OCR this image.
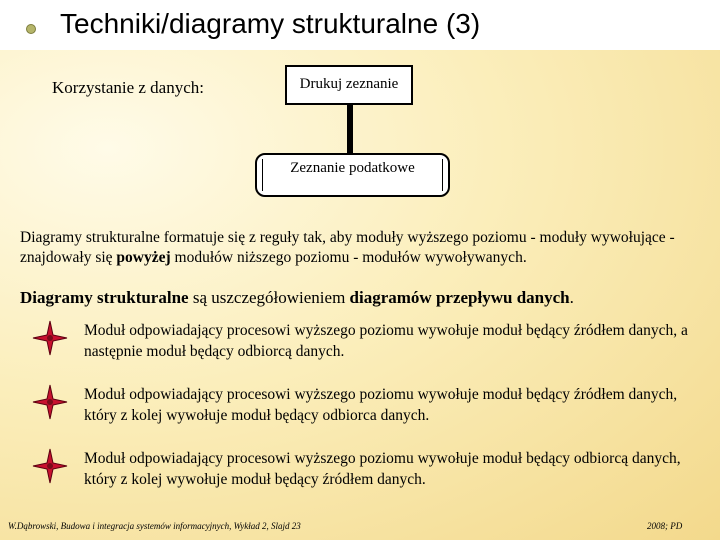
Techniki/diagramy strukturalne (3)
Korzystanie z danych:	Drukuj zeznanie
Zeznanie podatkowe
Diagramy strukturalne formatuje się z reguły tak, aby moduły wyższego poziomu - moduły wywołujące - znajdowały się powyżej modułów niższego poziomu - modułów wywoływanych.
Diagramy strukturalne są uszczegółowieniem diagramów przepływu danych.
Moduł odpowiadający procesowi wyższego poziomu wywołuje moduł będący źródłem danych, a następnie moduł będący odbiorcą danych.
Moduł odpowiadający procesowi wyższego poziomu wywołuje moduł będący źródłem danych, który z kolej wywołuje moduł będący odbiorca danych.
Moduł odpowiadający procesowi wyższego poziomu wywołuje moduł będący odbiorcą danych, który z kolej wywołuje moduł będący źródłem danych.
W.Dąbrowski, Budowa i integracja systemów informacyjnych, Wykład 2, Slajd 23	2008; PD
